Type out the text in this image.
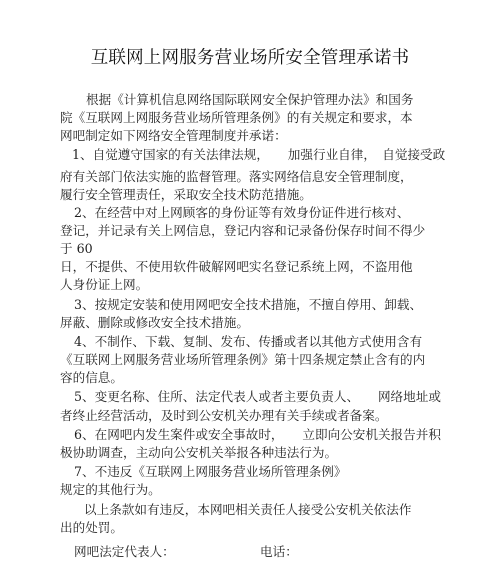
互联网上网服务营业场所安全管理承诺书
根据《计算机信息网络国际联网安全保护管理办法》和国务
院《互联网上网服务营业场所管理条例》的有关规定和要求，本
网吧制定如下网络安全管理制度并承诺：
1、自觉遵守国家的有关法律法规，　　加强行业自律，　自觉接受政
府有关部门依法实施的监督管理。落实网络信息安全管理制度，
履行安全管理责任，采取安全技术防范措施。
2、在经营中对上网顾客的身份证等有效身份证件进行核对、
登记，并记录有关上网信息，登记内容和记录备份保存时间不得少
于 60
日，不提供、不使用软件破解网吧实名登记系统上网，不盗用他
人身份证上网。
3、按规定安装和使用网吧安全技术措施，不擅自停用、卸载、
屏蔽、删除或修改安全技术措施。
4、不制作、下载、复制、发布、传播或者以其他方式使用含有
《互联网上网服务营业场所管理条例》第十四条规定禁止含有的内
容的信息。
5、变更名称、住所、法定代表人或者主要负责人、　　网络地址或
者终止经营活动，及时到公安机关办理有关手续或者备案。
6、在网吧内发生案件或安全事故时，　　立即向公安机关报告并积
极协助调查，主动向公安机关举报各种违法行为。
7、不违反《互联网上网服务营业场所管理条例》
规定的其他行为。
以上条款如有违反，本网吧相关责任人接受公安机关依法作
出的处罚。
网吧法定代表人：	电话：
